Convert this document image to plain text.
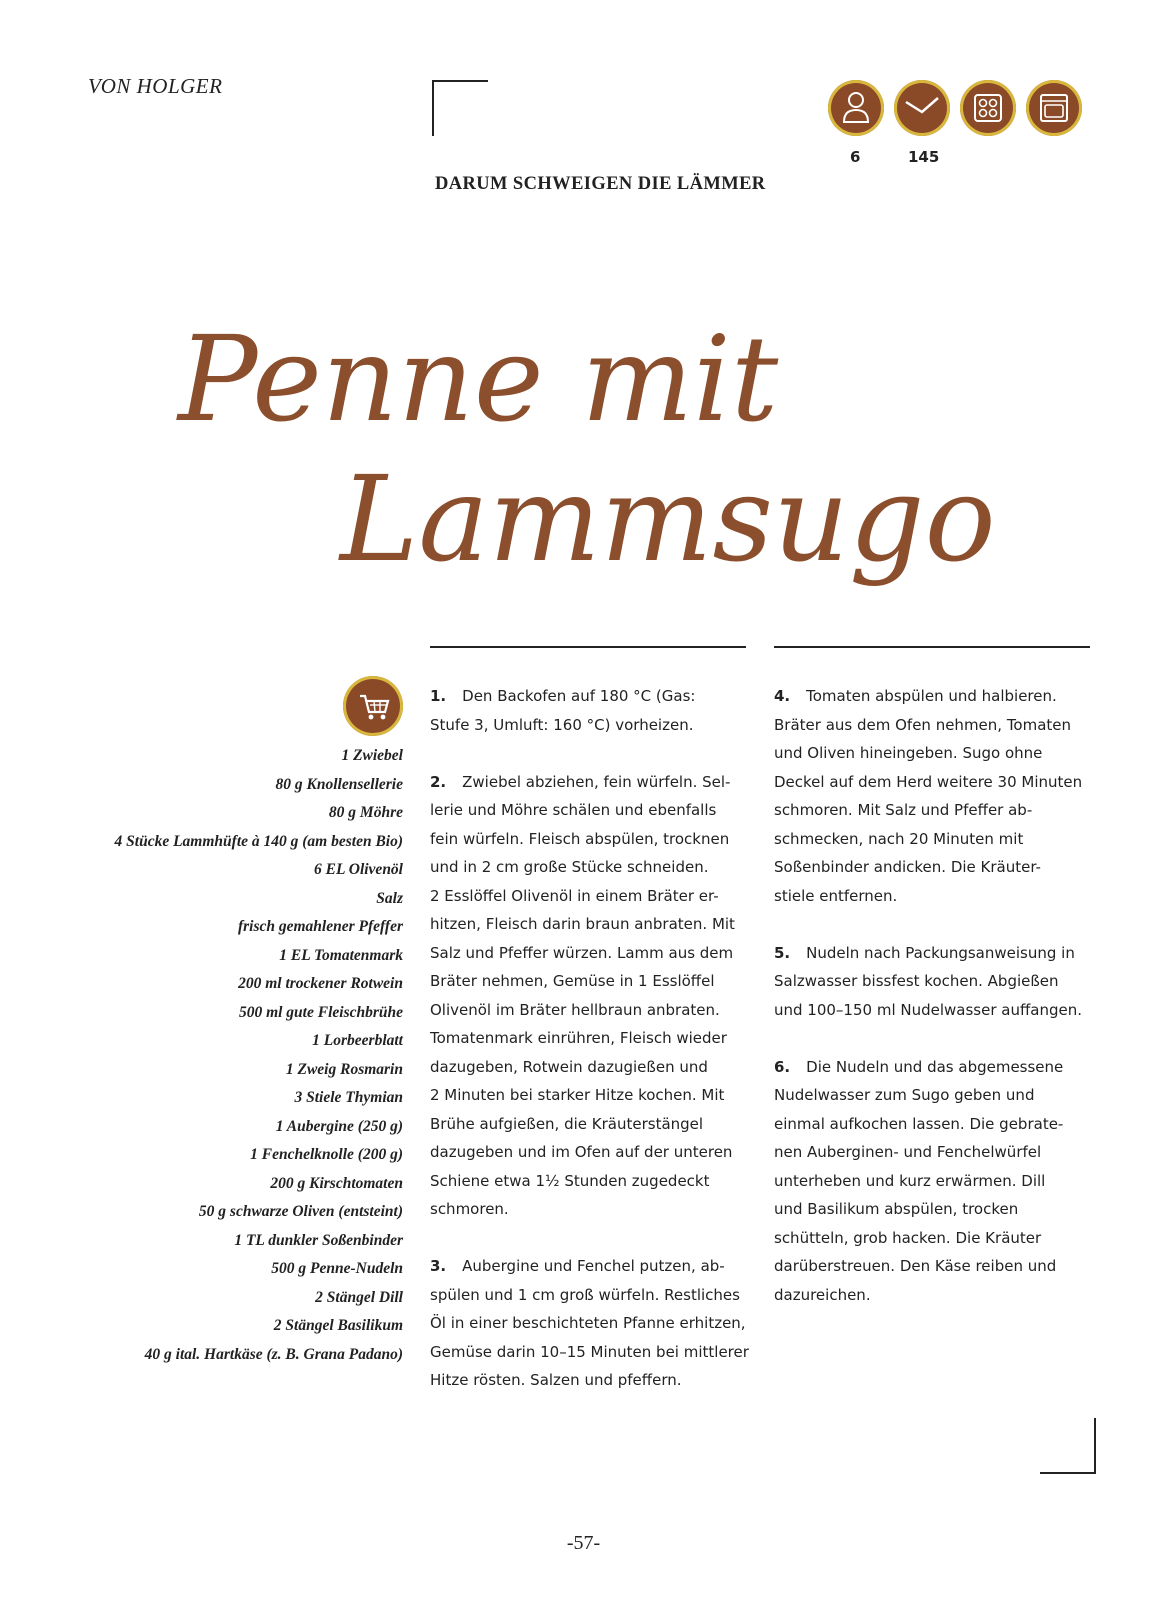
VON HOLGER
DARUM SCHWEIGEN DIE LÄMMER
6	145
Penne mit
Lammsugo
1 Zwiebel
80 g Knollensellerie
80 g Möhre
4 Stücke Lammhüfte à 140 g (am besten Bio)
6 EL Olivenöl
Salz
frisch gemahlener Pfeffer
1 EL Tomatenmark
200 ml trockener Rotwein
500 ml gute Fleischbrühe
1 Lorbeerblatt
1 Zweig Rosmarin
3 Stiele Thymian
1 Aubergine (250 g)
1 Fenchelknolle (200 g)
200 g Kirschtomaten
50 g schwarze Oliven (entsteint)
1 TL dunkler Soßenbinder
500 g Penne-Nudeln
2 Stängel Dill
2 Stängel Basilikum
40 g ital. Hartkäse (z. B. Grana Padano)

1. Den Backofen auf 180 °C (Gas:
Stufe 3, Umluft: 160 °C) vorheizen.

2. Zwiebel abziehen, fein würfeln. Sel-
lerie und Möhre schälen und ebenfalls
fein würfeln. Fleisch abspülen, trocknen
und in 2 cm große Stücke schneiden.
2 Esslöffel Olivenöl in einem Bräter er-
hitzen, Fleisch darin braun anbraten. Mit
Salz und Pfeffer würzen. Lamm aus dem
Bräter nehmen, Gemüse in 1 Esslöffel
Olivenöl im Bräter hellbraun anbraten.
Tomatenmark einrühren, Fleisch wieder
dazugeben, Rotwein dazugießen und
2 Minuten bei starker Hitze kochen. Mit
Brühe aufgießen, die Kräuterstängel
dazugeben und im Ofen auf der unteren
Schiene etwa 1½ Stunden zugedeckt
schmoren.

3. Aubergine und Fenchel putzen, ab-
spülen und 1 cm groß würfeln. Restliches
Öl in einer beschichteten Pfanne erhitzen,
Gemüse darin 10–15 Minuten bei mittlerer
Hitze rösten. Salzen und pfeffern.

4. Tomaten abspülen und halbieren.
Bräter aus dem Ofen nehmen, Tomaten
und Oliven hineingeben. Sugo ohne
Deckel auf dem Herd weitere 30 Minuten
schmoren. Mit Salz und Pfeffer ab-
schmecken, nach 20 Minuten mit
Soßenbinder andicken. Die Kräuter-
stiele entfernen.

5. Nudeln nach Packungsanweisung in
Salzwasser bissfest kochen. Abgießen
und 100–150 ml Nudelwasser auffangen.

6. Die Nudeln und das abgemessene
Nudelwasser zum Sugo geben und
einmal aufkochen lassen. Die gebrate-
nen Auberginen- und Fenchelwürfel
unterheben und kurz erwärmen. Dill
und Basilikum abspülen, trocken
schütteln, grob hacken. Die Kräuter
darüberstreuen. Den Käse reiben und
dazureichen.

-57-
